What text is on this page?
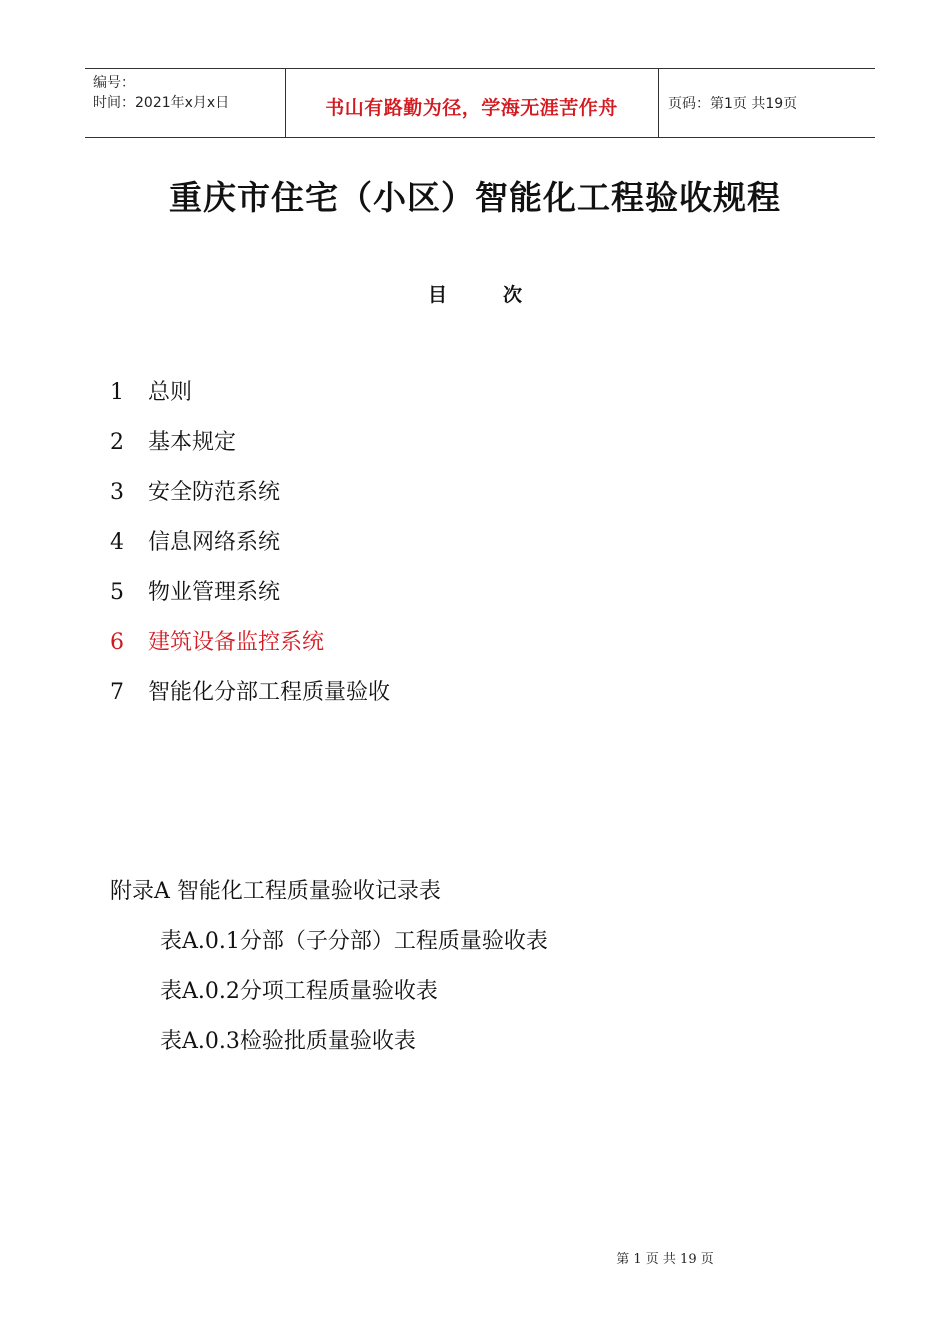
编号：
时间：2021年x月x日	书山有路勤为径，学海无涯苦作舟	页码：第1页 共19页
重庆市住宅（小区）智能化工程验收规程
目	次
1 总则
2 基本规定
3 安全防范系统
4 信息网络系统
5 物业管理系统
6 建筑设备监控系统
7 智能化分部工程质量验收
附录A 智能化工程质量验收记录表
表A.0.1分部（子分部）工程质量验收表
表A.0.2分项工程质量验收表
表A.0.3检验批质量验收表
第 1 页 共 19 页
